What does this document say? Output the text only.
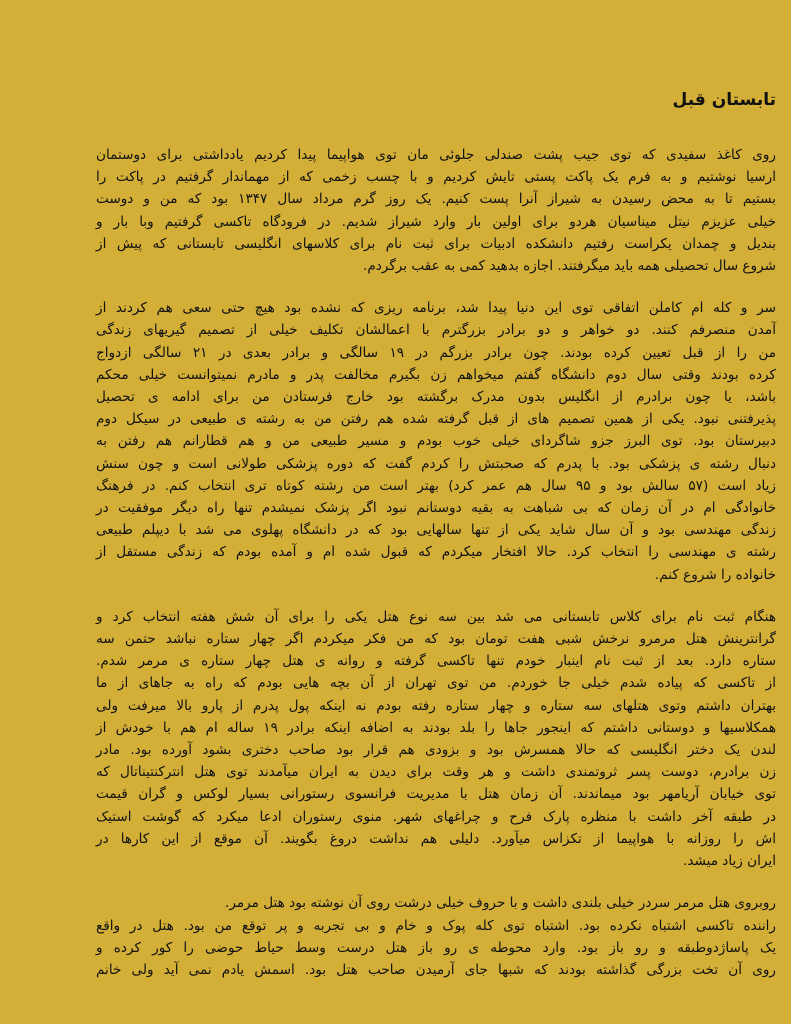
تابستان قبل
روی کاغذ سفیدی که توی جیب پشت صندلی جلوئی مان توی هواپیما پیدا کردیم یادداشتی برای دوستمان
ارسیا نوشتیم و به فرم یک پاکت پستی تایش کردیم و با چسب زخمی که از مهماندار گرفتیم در پاکت را
بستیم تا به محض رسیدن به شیراز آنرا پست کنیم. یک روز گرم مرداد سال ۱۳۴۷ بود که من و دوست
خیلی عزیزم نیتل میناسیان هردو برای اولین بار وارد شیراز شدیم. در فرودگاه تاکسی گرفتیم وبا بار و
بندیل و چمدان یکراست رفتیم دانشکده ادبیات برای ثبت نام برای کلاسهای انگلیسی تابستانی که پیش از
شروع سال تحصیلی همه باید میگرفتند. اجازه بدهید کمی به عقب برگردم.
سر و کله ام کاملن اتفاقی توی این دنیا پیدا شد، برنامه ریزی که نشده بود هیچ حتی سعی هم کردند از
آمدن منصرفم کنند. دو خواهر و دو برادر بزرگترم با اعمالشان تکلیف خیلی از تصمیم گیریهای زندگی
من را از قبل تعیین کرده بودند. چون برادر بزرگم در ۱۹ سالگی و برادر بعدی در ۲۱ سالگی ازدواج
کرده بودند وقتی سال دوم دانشگاه گفتم میخواهم زن بگیرم مخالفت پدر و مادرم نمیتوانست خیلی محکم
باشد، یا چون برادرم از انگلیس بدون مدرک برگشته بود خارج فرستادن من برای ادامه ی تحصیل
پذیرفتنی نبود. یکی از همین تصمیم های از قبل گرفته شده هم رفتن من به رشته ی طبیعی در سیکل دوم
دبیرستان بود. توی البرز جزو شاگردای خیلی خوب بودم و مسیر طبیعی من و هم قطارانم هم رفتن به
دنبال رشته ی پزشکی بود. با پدرم که صحبتش را کردم گفت که دوره پزشکی طولانی است و چون سنش
زیاد است (۵۷ سالش بود و ۹۵ سال هم عمر کرد) بهتر است من رشته کوتاه تری انتخاب کنم. در فرهنگ
خانوادگی ام در آن زمان که بی شباهت به بقیه دوستانم نبود اگر پزشک نمیشدم تنها راه دیگر موفقیت در
زندگی مهندسی بود و آن سال شاید یکی از تنها سالهایی بود که در دانشگاه پهلوی می شد با دیپلم طبیعی
رشته ی مهندسی را انتخاب کرد. حالا افتخار میکردم که قبول شده ام و آمده بودم که زندگی مستقل از
خانواده را شروع کنم.
هنگام ثبت نام برای کلاس تابستانی می شد بین سه نوع هتل یکی را برای آن شش هفته انتخاب کرد و
گرانترینش هتل مرمرو نرخش شبی هفت تومان بود که من فکر میکردم اگر چهار ستاره نباشد حتمن سه
ستاره دارد. بعد از ثبت نام اینبار خودم تنها تاکسی گرفته و روانه ی هتل چهار ستاره ی مرمر شدم.
از تاکسی که پیاده شدم خیلی جا خوردم. من توی تهران از آن بچه هایی بودم که راه به جاهای از ما
بهتران داشتم وتوی هتلهای سه ستاره و چهار ستاره رفته بودم نه اینکه پول پدرم از پارو بالا میرفت ولی
همکلاسیها و دوستانی داشتم که اینجور جاها را بلد بودند به اضافه اینکه برادر ۱۹ ساله ام هم با خودش از
لندن یک دختر انگلیسی که حالا همسرش بود و بزودی هم قرار بود صاحب دختری بشود آورده بود. مادر
زن برادرم، دوست پسر ثروتمندی داشت و هر وقت برای دیدن به ایران میآمدند توی هتل انترکنتیناتال که
توی خیابان آریامهر بود میماندند. آن زمان هتل با مدیریت فرانسوی رستورانی بسیار لوکس و گران قیمت
در طبقه آخر داشت با منظره پارک فرح و چراغهای شهر. منوی رستوران ادعا میکرد که گوشت استیک
اش را روزانه با هواپیما از تکزاس میآورد. دلیلی هم نداشت دروغ بگویند. آن موقع از این کارها در
ایران زیاد میشد.
روبروی هتل مرمر سردر خیلی بلندی داشت و با حروف خیلی درشت روی آن نوشته بود هتل مرمر.
راننده تاکسی اشتباه نکرده بود. اشتباه توی کله پوک و خام و بی تجربه و پر توقع من بود. هتل در واقع
یک پاساژدوطبقه و رو باز بود. وارد محوطه ی رو باز هتل درست وسط حیاط حوضی را کور کرده و
روی آن تخت بزرگی گذاشته بودند که شبها جای آرمیدن صاحب هتل بود. اسمش یادم نمی آید ولی خانم
